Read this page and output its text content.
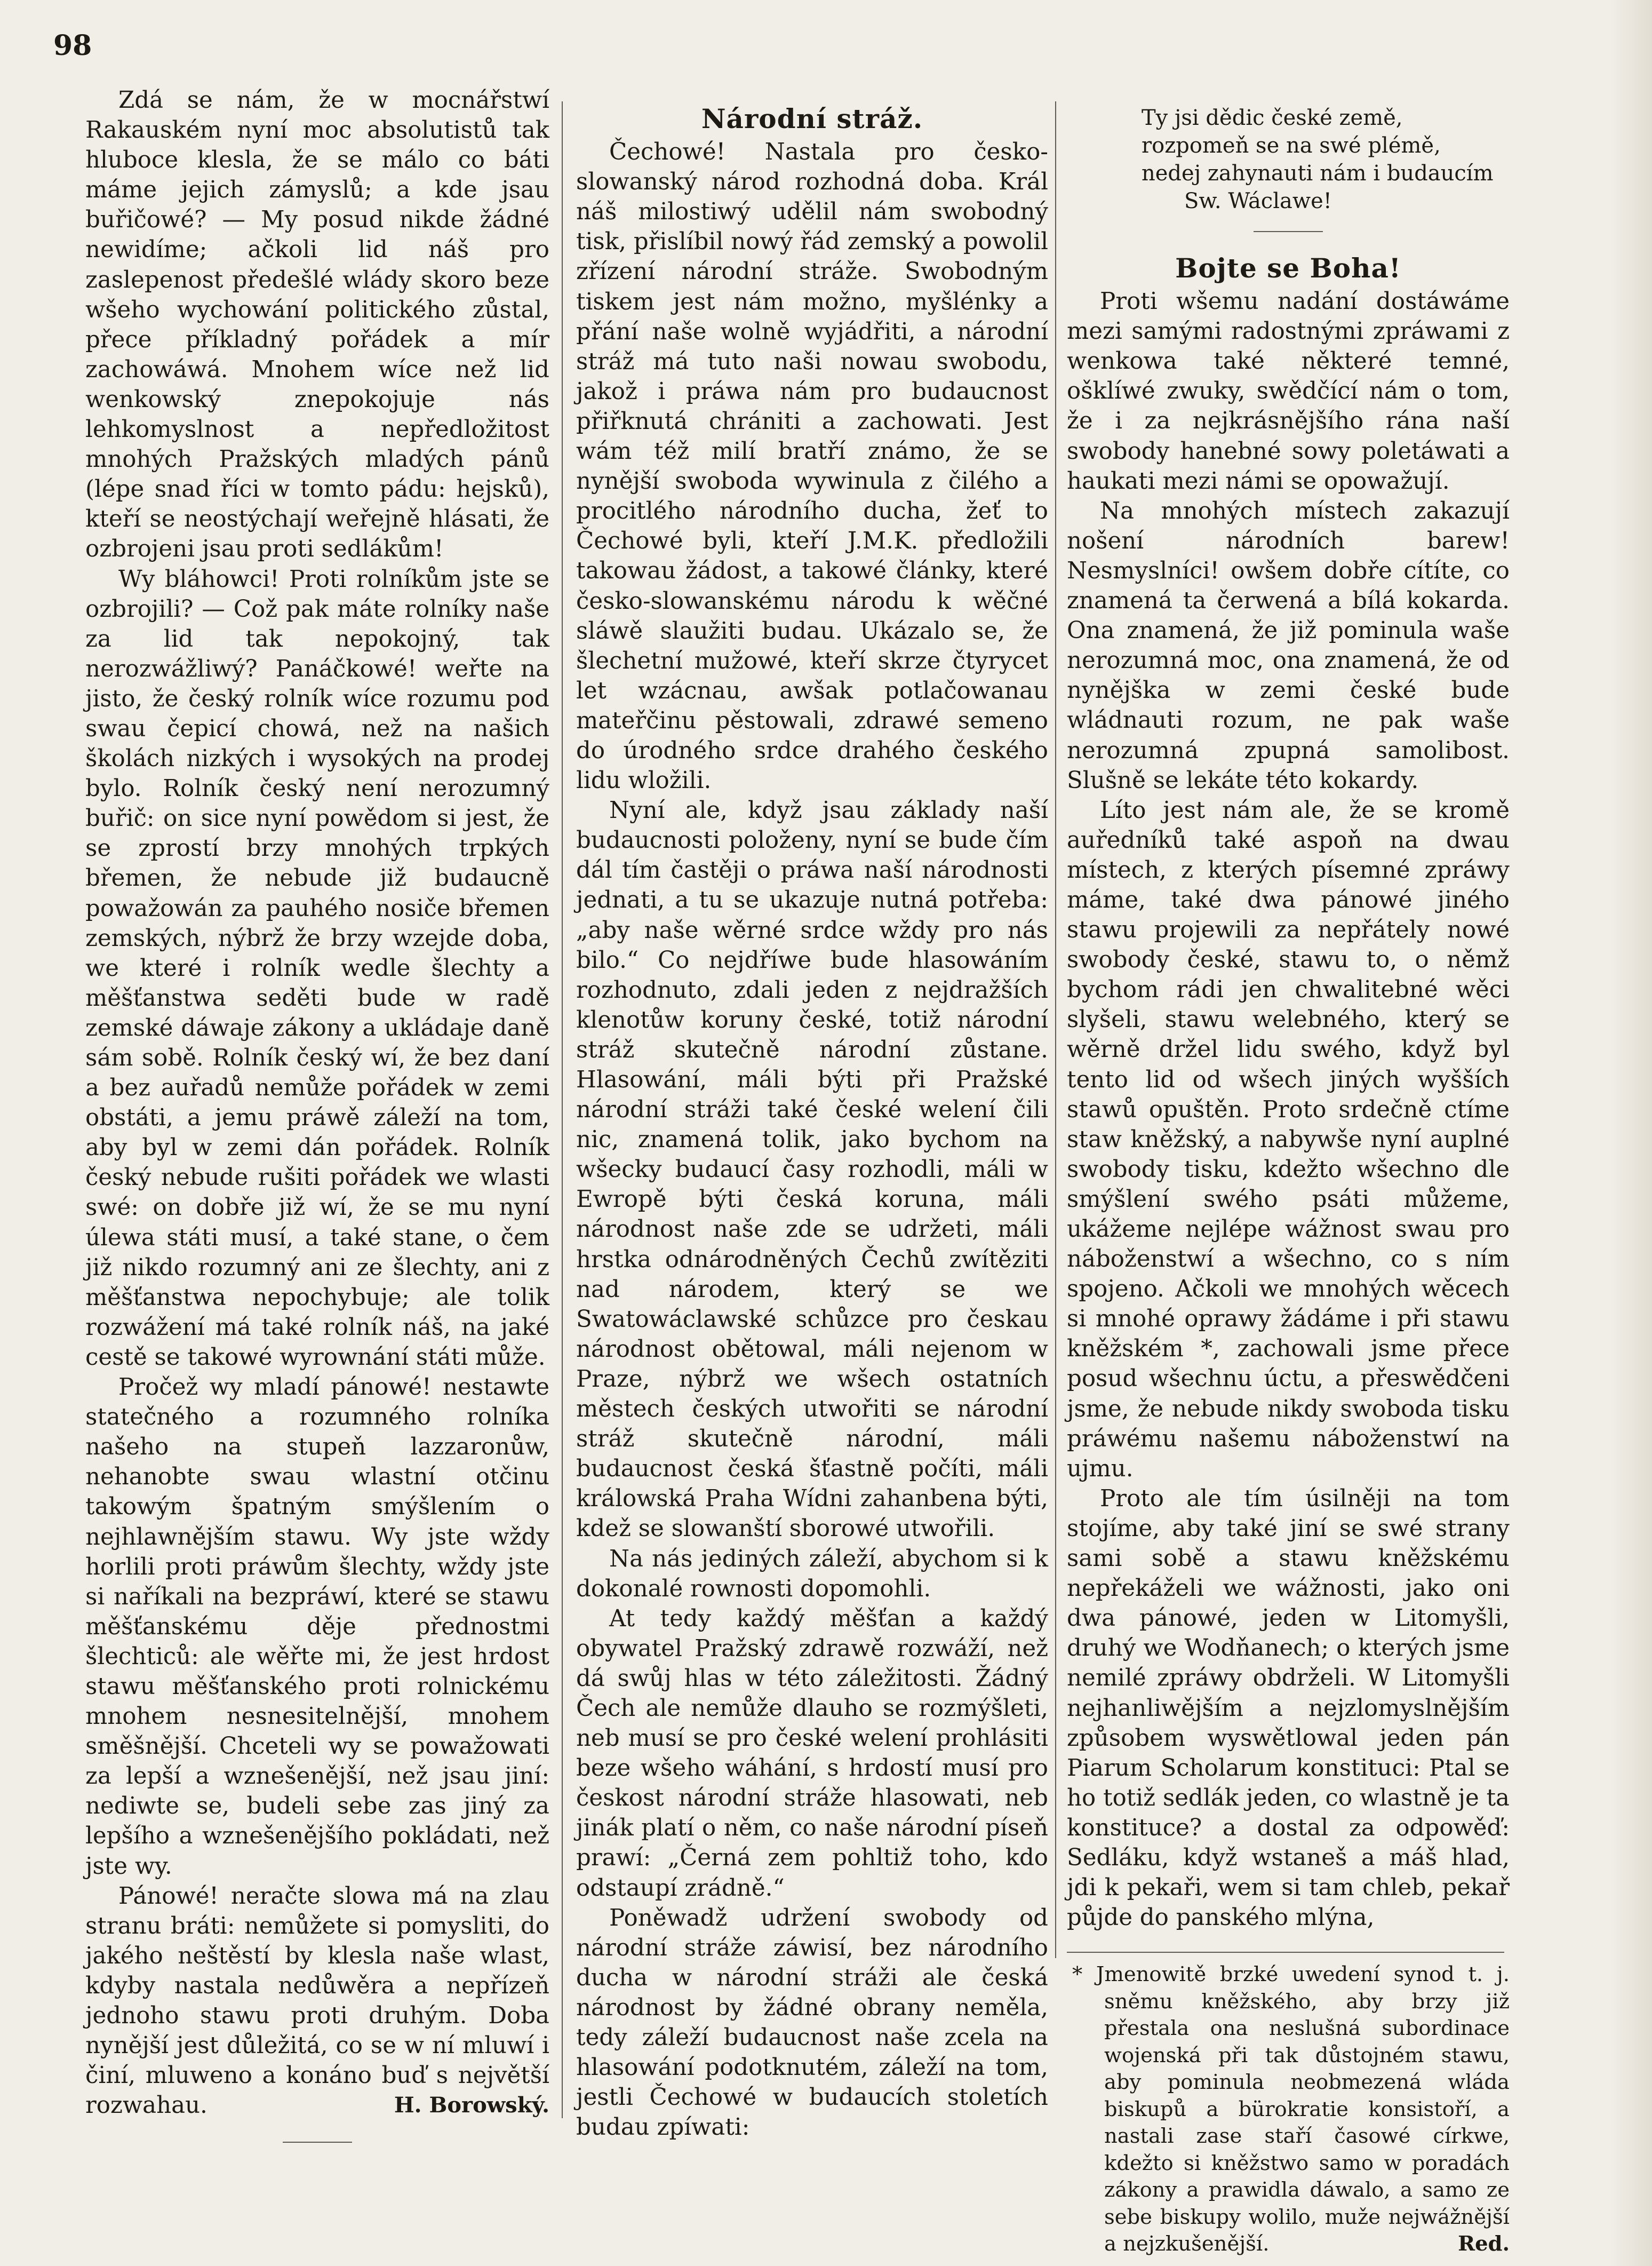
98

Zdá se nám, že w mocnářstwí Rakauském nyní moc absolutistů tak hluboce klesla, že se málo co báti máme jejich zámyslů; a kde jsau buřičowé? — My posud nikde žádné newidíme; ačkoli lid náš pro zaslepenost předešlé wlády skoro beze wšeho wychowání politického zůstal, přece příkladný pořádek a mír zachowáwá. Mnohem wíce než lid wenkowský znepokojuje nás lehkomyslnost a nepředložitost mnohých Pražských mladých pánů (lépe snad říci w tomto pádu: hejsků), kteří se neostýchají weřejně hlásati, že ozbrojeni jsau proti sedlákům!

Wy bláhowci! Proti rolníkům jste se ozbrojili? — Což pak máte rolníky naše za lid tak nepokojný, tak nerozwážliwý? Panáčkowé! weřte na jisto, že český rolník wíce rozumu pod swau čepicí chowá, než na našich školách nizkých i wysokých na prodej bylo. Rolník český není nerozumný buřič: on sice nyní powědom si jest, že se zprostí brzy mnohých trpkých břemen, že nebude již budaucně powažowán za pauhého nosiče břemen zemských, nýbrž že brzy wzejde doba, we které i rolník wedle šlechty a měšťanstwa seděti bude w radě zemské dáwaje zákony a ukládaje daně sám sobě. Rolník český wí, že bez daní a bez auřadů nemůže pořádek w zemi obstáti, a jemu práwě záleží na tom, aby byl w zemi dán pořádek. Rolník český nebude rušiti pořádek we wlasti swé: on dobře již wí, že se mu nyní úlewa státi musí, a také stane, o čem již nikdo rozumný ani ze šlechty, ani z měšťanstwa nepochybuje; ale tolik rozwážení má také rolník náš, na jaké cestě se takowé wyrownání státi může.

Pročež wy mladí pánowé! nestawte statečného a rozumného rolníka našeho na stupeň lazzaronůw, nehanobte swau wlastní otčinu takowým špatným smýšlením o nejhlawnějším stawu. Wy jste wždy horlili proti práwům šlechty, wždy jste si naříkali na bezpráwí, které se stawu měšťanskému děje přednostmi šlechticů: ale wěřte mi, že jest hrdost stawu měšťanského proti rolnickému mnohem nesnesitelnější, mnohem směšnější. Chceteli wy se powažowati za lepší a wznešenější, než jsau jiní: nediwte se, budeli sebe zas jiný za lepšího a wznešenějšího pokládati, než jste wy.

Pánowé! neračte slowa má na zlau stranu bráti: nemůžete si pomysliti, do jakého neštěstí by klesla naše wlast, kdyby nastala nedůwěra a nepřízeň jednoho stawu proti druhým. Doba nynější jest důležitá, co se w ní mluwí i činí, mluweno a konáno buď s největší rozwahau.	H. Borowský.
Národní stráž.

Čechowé! Nastala pro česko-slowanský národ rozhodná doba. Král náš milostiwý udělil nám swobodný tisk, přislíbil nowý řád zemský a powolil zřízení národní stráže. Swobodným tiskem jest nám možno, myšlénky a přání naše wolně wyjádřiti, a národní stráž má tuto naši nowau swobodu, jakož i práwa nám pro budaucnost přiřknutá chrániti a zachowati. Jest wám též milí bratří známo, že se nynější swoboda wywinula z čilého a procitlého národního ducha, žeť to Čechowé byli, kteří J.M.K. předložili takowau žádost, a takowé články, které česko-slowanskému národu k wěčné sláwě slaužiti budau. Ukázalo se, že šlechetní mužowé, kteří skrze čtyrycet let wzácnau, awšak potlačowanau mateřčinu pěstowali, zdrawé semeno do úrodného srdce drahého českého lidu wložili.

Nyní ale, když jsau základy naší budaucnosti položeny, nyní se bude čím dál tím častěji o práwa naší národnosti jednati, a tu se ukazuje nutná potřeba: „aby naše wěrné srdce wždy pro nás bilo.“ Co nejdříwe bude hlasowáním rozhodnuto, zdali jeden z nejdražších klenotůw koruny české, totiž národní stráž skutečně národní zůstane. Hlasowání, máli býti při Pražské národní stráži také české welení čili nic, znamená tolik, jako bychom na wšecky budaucí časy rozhodli, máli w Ewropě býti česká koruna, máli národnost naše zde se udržeti, máli hrstka odnárodněných Čechů zwítěziti nad národem, který se we Swatowáclawské schůzce pro českau národnost obětowal, máli nejenom w Praze, nýbrž we wšech ostatních městech českých utwořiti se národní stráž skutečně národní, máli budaucnost česká šťastně počíti, máli králowská Praha Wídni zahanbena býti, kdež se slowanští sborowé utwořili.

Na nás jediných záleží, abychom si k dokonalé rownosti dopomohli.

At tedy každý měšťan a každý obywatel Pražský zdrawě rozwáží, než dá swůj hlas w této záležitosti. Žádný Čech ale nemůže dlauho se rozmýšleti, neb musí se pro české welení prohlásiti beze wšeho wáhání, s hrdostí musí pro českost národní stráže hlasowati, neb jinák platí o něm, co naše národní píseň prawí: „Černá zem pohltiž toho, kdo odstaupí zrádně.“

Poněwadž udržení swobody od národní stráže záwisí, bez národního ducha w národní stráži ale česká národnost by žádné obrany neměla, tedy záleží budaucnost naše zcela na hlasowání podotknutém, záleží na tom, jestli Čechowé w budaucích stoletích budau zpíwati:

Ty jsi dědic české země,
rozpomeň se na swé plémě,
nedej zahynauti nám i budaucím
Sw. Wáclawe!
Bojte se Boha!

Proti wšemu nadání dostáwáme mezi samými radostnými zpráwami z wenkowa také některé temné, ošklíwé zwuky, swědčící nám o tom, že i za nejkrásnějšího rána naší swobody hanebné sowy poletáwati a haukati mezi námi se opowažují.

Na mnohých místech zakazují nošení národních barew! Nesmyslníci! owšem dobře cítíte, co znamená ta čerwená a bílá kokarda. Ona znamená, že již pominula waše nerozumná moc, ona znamená, že od nynějška w zemi české bude wládnauti rozum, ne pak waše nerozumná zpupná samolibost. Slušně se lekáte této kokardy.

Líto jest nám ale, že se kromě auředníků také aspoň na dwau místech, z kterých písemné zpráwy máme, také dwa pánowé jiného stawu projewili za nepřátely nowé swobody české, stawu to, o němž bychom rádi jen chwalitebné wěci slyšeli, stawu welebného, který se wěrně držel lidu swého, když byl tento lid od wšech jiných wyšších stawů opuštěn. Proto srdečně ctíme staw kněžský, a nabywše nyní auplné swobody tisku, kdežto wšechno dle smýšlení swého psáti můžeme, ukážeme nejlépe wážnost swau pro náboženstwí a wšechno, co s ním spojeno. Ačkoli we mnohých wěcech si mnohé oprawy žádáme i při stawu kněžském *, zachowali jsme přece posud wšechnu úctu, a přeswědčeni jsme, že nebude nikdy swoboda tisku práwému našemu náboženstwí na ujmu.

Proto ale tím úsilněji na tom stojíme, aby také jiní se swé strany sami sobě a stawu kněžskému nepřekáželi we wážnosti, jako oni dwa pánowé, jeden w Litomyšli, druhý we Wodňanech; o kterých jsme nemilé zpráwy obdrželi. W Litomyšli nejhanliwějším a nejzlomyslnějším způsobem wyswětlowal jeden pán Piarum Scholarum konstituci: Ptal se ho totiž sedlák jeden, co wlastně je ta konstituce? a dostal za odpowěď: Sedláku, když wstaneš a máš hlad, jdi k pekaři, wem si tam chleb, pekař půjde do panského mlýna,

* Jmenowitě brzké uwedení synod t. j. sněmu kněžského, aby brzy již přestala ona neslušná subordinace wojenská při tak důstojném stawu, aby pominula neobmezená wláda biskupů a bürokratie konsistoří, a nastali zase staří časowé církwe, kdežto si kněžstwo samo w poradách zákony a prawidla dáwalo, a samo ze sebe biskupy wolilo, muže nejwážnější a nejzkušenější.	Red.
